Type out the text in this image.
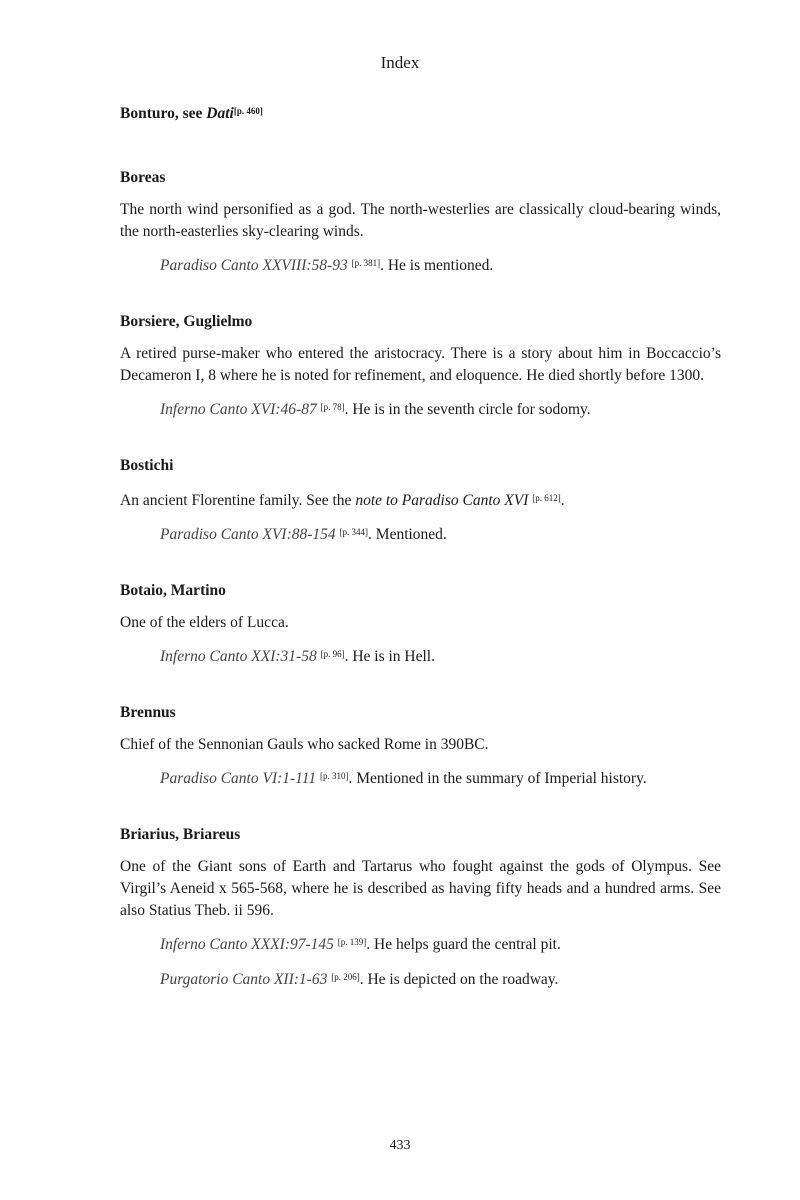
Index

Bonturo, see Dati[p. 460]

Boreas

The north wind personified as a god. The north-westerlies are classically cloud-bearing winds, the north-easterlies sky-clearing winds.

Paradiso Canto XXVIII:58-93 [p. 381]. He is mentioned.

Borsiere, Guglielmo

A retired purse-maker who entered the aristocracy. There is a story about him in Boccaccio’s Decameron I, 8 where he is noted for refinement, and eloquence. He died shortly before 1300.

Inferno Canto XVI:46-87 [p. 78]. He is in the seventh circle for sodomy.

Bostichi

An ancient Florentine family. See the note to Paradiso Canto XVI [p. 612].

Paradiso Canto XVI:88-154 [p. 344]. Mentioned.

Botaio, Martino

One of the elders of Lucca.

Inferno Canto XXI:31-58 [p. 96]. He is in Hell.

Brennus

Chief of the Sennonian Gauls who sacked Rome in 390BC.

Paradiso Canto VI:1-111 [p. 310]. Mentioned in the summary of Imperial history.

Briarius, Briareus

One of the Giant sons of Earth and Tartarus who fought against the gods of Olympus. See Virgil’s Aeneid x 565-568, where he is described as having fifty heads and a hundred arms. See also Statius Theb. ii 596.

Inferno Canto XXXI:97-145 [p. 139]. He helps guard the central pit.

Purgatorio Canto XII:1-63 [p. 206]. He is depicted on the roadway.

433
